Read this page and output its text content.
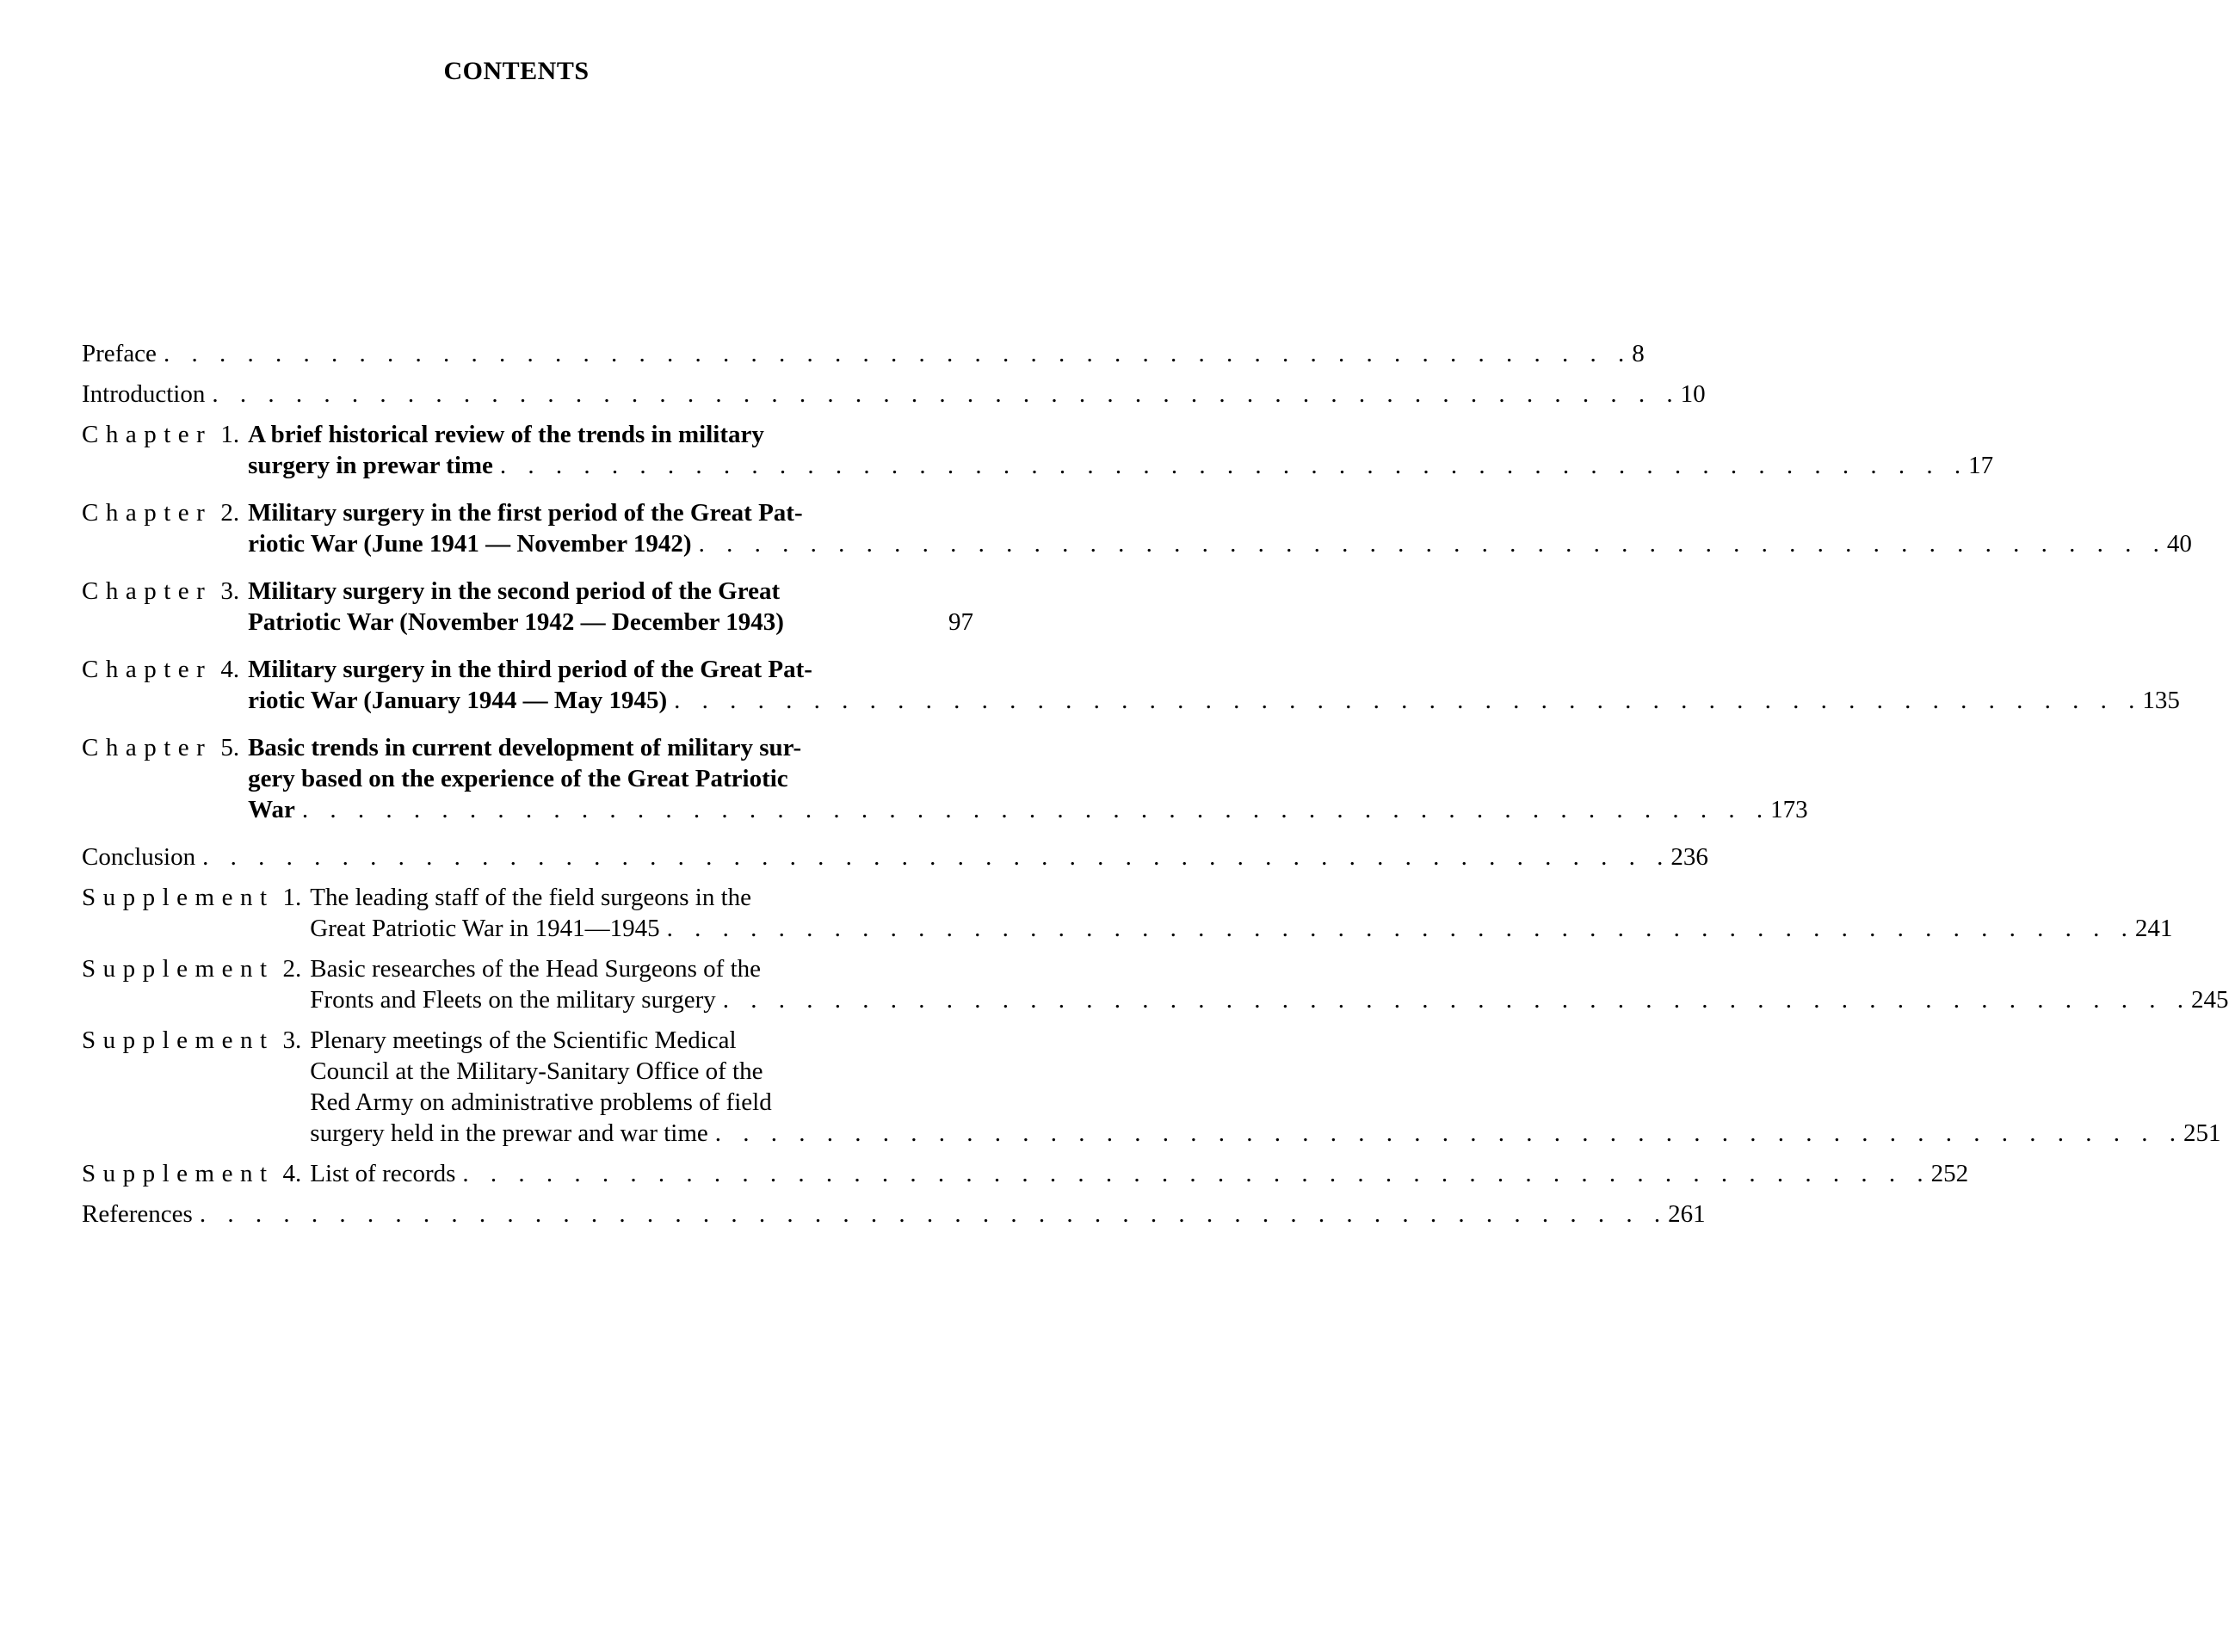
CONTENTS
Preface . . . . . . . . . . . . . . . . . . . . . . . . . . . . . . . . . . . . . . . . . . . . . . . . . . . . . 8
Introduction . . . . . . . . . . . . . . . . . . . . . . . . . . . . . . . . . . . . . . . . . . . . . . . . . . . . . 10
Chapter 1. A brief historical review of the trends in military
surgery in prewar time . . . . . . . . . . . . . . . . . . . . . . . . . . . . . . . . . . . . . . . . . . . . . . . . . . . . . 17
Chapter 2. Military surgery in the first period of the Great Pat-
riotic War (June 1941 — November 1942) . . . . . . . . . . . . . . . . . . . . . . . . . . . . . . . . . . . . . . . . . . . . . . . . . . . . . 40
Chapter 3. Military surgery in the second period of the Great
Patriotic War (November 1942 — December 1943)	97
Chapter 4. Military surgery in the third period of the Great Pat-
riotic War (January 1944 — May 1945) . . . . . . . . . . . . . . . . . . . . . . . . . . . . . . . . . . . . . . . . . . . . . . . . . . . . . 135
Chapter 5. Basic trends in current development of military sur-
gery based on the experience of the Great Patriotic
War . . . . . . . . . . . . . . . . . . . . . . . . . . . . . . . . . . . . . . . . . . . . . . . . . . . . . 173
Conclusion . . . . . . . . . . . . . . . . . . . . . . . . . . . . . . . . . . . . . . . . . . . . . . . . . . . . . 236
Supplement 1. The leading staff of the field surgeons in the
Great Patriotic War in 1941—1945 . . . . . . . . . . . . . . . . . . . . . . . . . . . . . . . . . . . . . . . . . . . . . . . . . . . . . 241
Supplement 2. Basic researches of the Head Surgeons of the
Fronts and Fleets on the military surgery . . . . . . . . . . . . . . . . . . . . . . . . . . . . . . . . . . . . . . . . . . . . . . . . . . . . . 245
Supplement 3. Plenary meetings of the Scientific Medical
Council at the Military-Sanitary Office of the
Red Army on administrative problems of field
surgery held in the prewar and war time . . . . . . . . . . . . . . . . . . . . . . . . . . . . . . . . . . . . . . . . . . . . . . . . . . . . . 251
Supplement 4. List of records . . . . . . . . . . . . . . . . . . . . . . . . . . . . . . . . . . . . . . . . . . . . . . . . . . . . . 252
References . . . . . . . . . . . . . . . . . . . . . . . . . . . . . . . . . . . . . . . . . . . . . . . . . . . . . 261
